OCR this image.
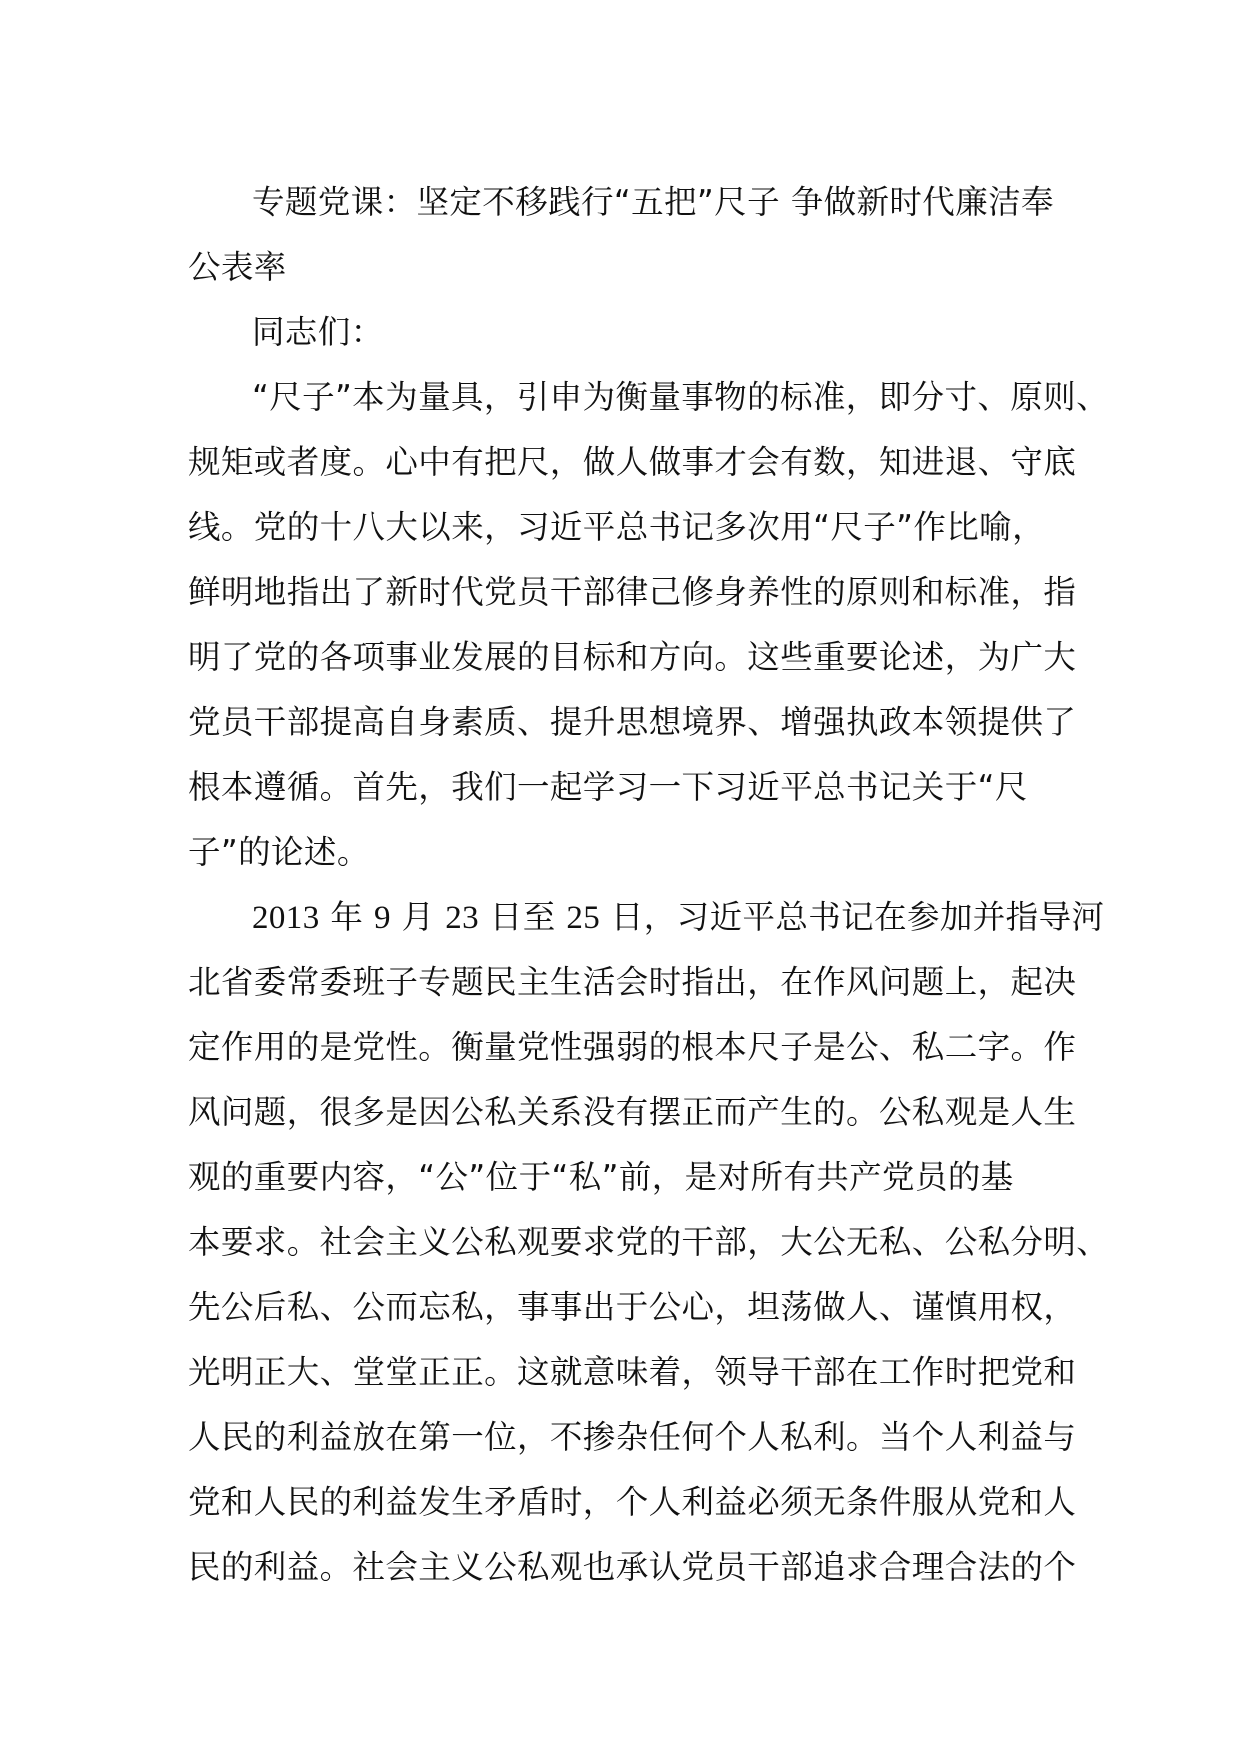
专题党课：坚定不移践行“五把”尺子 争做新时代廉洁奉
公表率
同志们：
“尺子”本为量具，引申为衡量事物的标准，即分寸、原则、
规矩或者度。心中有把尺，做人做事才会有数，知进退、守底
线。党的十八大以来，习近平总书记多次用“尺子”作比喻，
鲜明地指出了新时代党员干部律己修身养性的原则和标准，指
明了党的各项事业发展的目标和方向。这些重要论述，为广大
党员干部提高自身素质、提升思想境界、增强执政本领提供了
根本遵循。首先，我们一起学习一下习近平总书记关于“尺
子”的论述。
2013 年 9 月 23 日至 25 日，习近平总书记在参加并指导河
北省委常委班子专题民主生活会时指出，在作风问题上，起决
定作用的是党性。衡量党性强弱的根本尺子是公、私二字。作
风问题，很多是因公私关系没有摆正而产生的。公私观是人生
观的重要内容，“公”位于“私”前，是对所有共产党员的基
本要求。社会主义公私观要求党的干部，大公无私、公私分明、
先公后私、公而忘私，事事出于公心，坦荡做人、谨慎用权，
光明正大、堂堂正正。这就意味着，领导干部在工作时把党和
人民的利益放在第一位，不掺杂任何个人私利。当个人利益与
党和人民的利益发生矛盾时，个人利益必须无条件服从党和人
民的利益。社会主义公私观也承认党员干部追求合理合法的个
